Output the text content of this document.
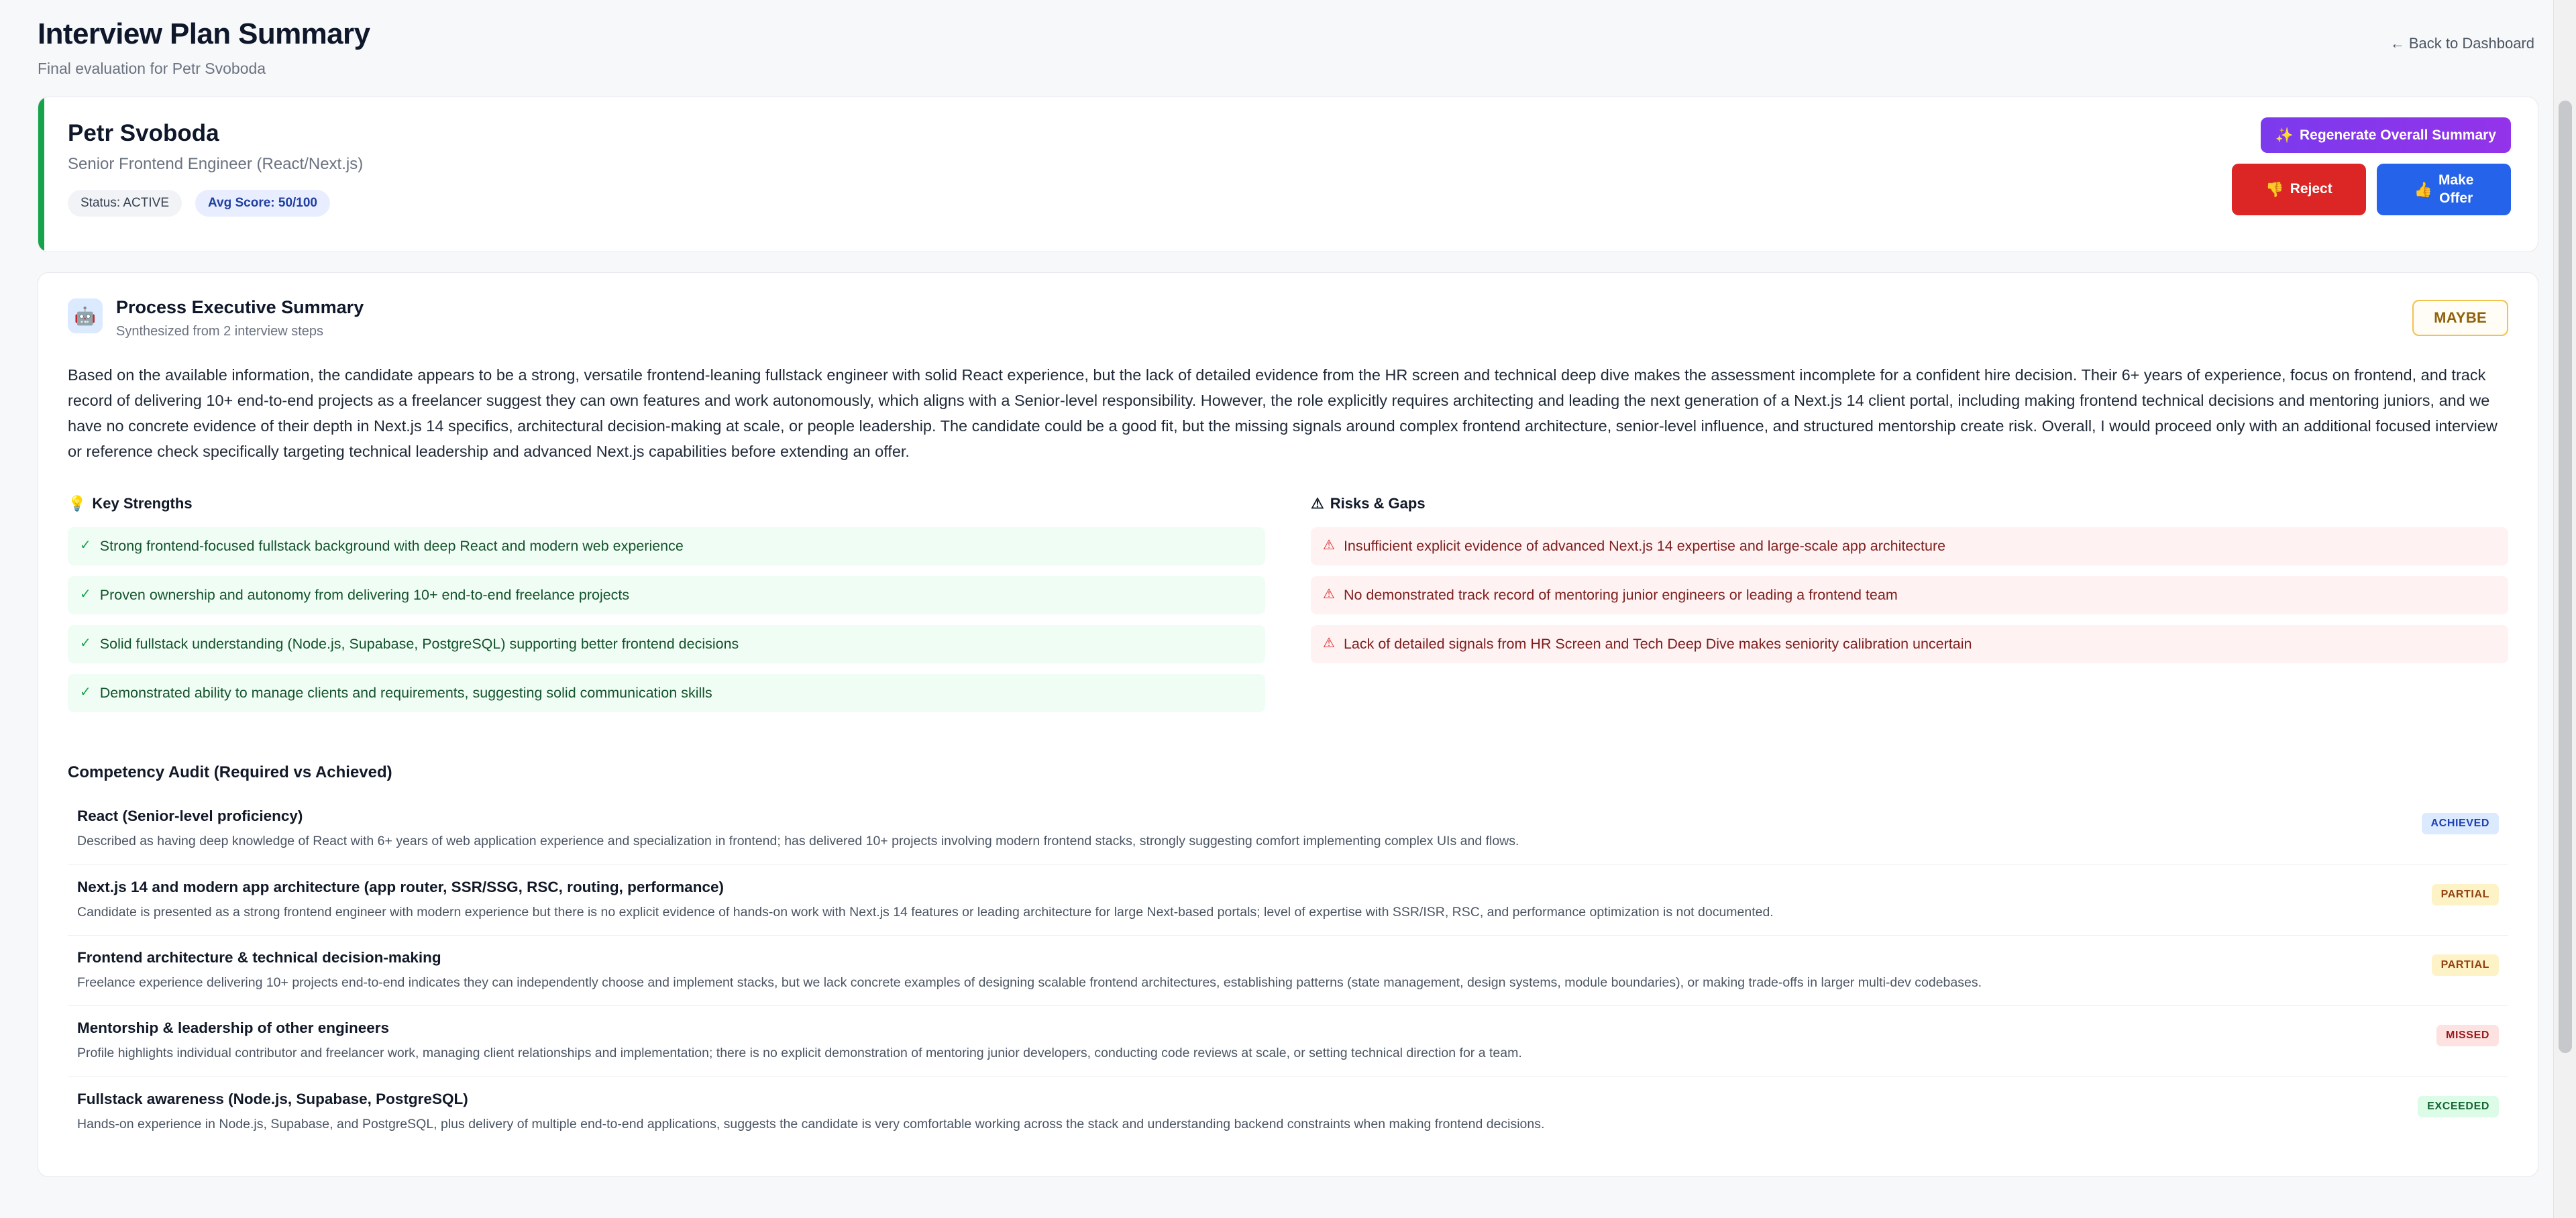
Interview Plan Summary
Final evaluation for Petr Svoboda
← Back to Dashboard
Petr Svoboda
Senior Frontend Engineer (React/Next.js)
Status: ACTIVE	Avg Score: 50/100
✨ Regenerate Overall Summary
👎 Reject	👍
Make
Offer
🤖	Process Executive Summary
Synthesized from 2 interview steps
MAYBE
Based on the available information, the candidate appears to be a strong, versatile frontend-leaning fullstack engineer with solid React experience, but the lack of detailed evidence from the HR screen and technical deep dive makes the assessment incomplete for a confident hire decision. Their 6+ years of experience, focus on frontend, and track record of delivering 10+ end-to-end projects as a freelancer suggest they can own features and work autonomously, which aligns with a Senior-level responsibility. However, the role explicitly requires architecting and leading the next generation of a Next.js 14 client portal, including making frontend technical decisions and mentoring juniors, and we have no concrete evidence of their depth in Next.js 14 specifics, architectural decision-making at scale, or people leadership. The candidate could be a good fit, but the missing signals around complex frontend architecture, senior-level influence, and structured mentorship create risk. Overall, I would proceed only with an additional focused interview or reference check specifically targeting technical leadership and advanced Next.js capabilities before extending an offer.
💡 Key Strengths
✓ Strong frontend-focused fullstack background with deep React and modern web experience
✓ Proven ownership and autonomy from delivering 10+ end-to-end freelance projects
✓ Solid fullstack understanding (Node.js, Supabase, PostgreSQL) supporting better frontend decisions
✓ Demonstrated ability to manage clients and requirements, suggesting solid communication skills
⚠ Risks & Gaps
⚠ Insufficient explicit evidence of advanced Next.js 14 expertise and large-scale app architecture
⚠ No demonstrated track record of mentoring junior engineers or leading a frontend team
⚠ Lack of detailed signals from HR Screen and Tech Deep Dive makes seniority calibration uncertain
Competency Audit (Required vs Achieved)
React (Senior-level proficiency)
Described as having deep knowledge of React with 6+ years of web application experience and specialization in frontend; has delivered 10+ projects involving modern frontend stacks, strongly suggesting comfort implementing complex UIs and flows.
ACHIEVED
Next.js 14 and modern app architecture (app router, SSR/SSG, RSC, routing, performance)
Candidate is presented as a strong frontend engineer with modern experience but there is no explicit evidence of hands-on work with Next.js 14 features or leading architecture for large Next-based portals; level of expertise with SSR/ISR, RSC, and performance optimization is not documented.
PARTIAL
Frontend architecture & technical decision-making
Freelance experience delivering 10+ projects end-to-end indicates they can independently choose and implement stacks, but we lack concrete examples of designing scalable frontend architectures, establishing patterns (state management, design systems, module boundaries), or making trade-offs in larger multi-dev codebases.
PARTIAL
Mentorship & leadership of other engineers
Profile highlights individual contributor and freelancer work, managing client relationships and implementation; there is no explicit demonstration of mentoring junior developers, conducting code reviews at scale, or setting technical direction for a team.
MISSED
Fullstack awareness (Node.js, Supabase, PostgreSQL)
Hands-on experience in Node.js, Supabase, and PostgreSQL, plus delivery of multiple end-to-end applications, suggests the candidate is very comfortable working across the stack and understanding backend constraints when making frontend decisions.
EXCEEDED
